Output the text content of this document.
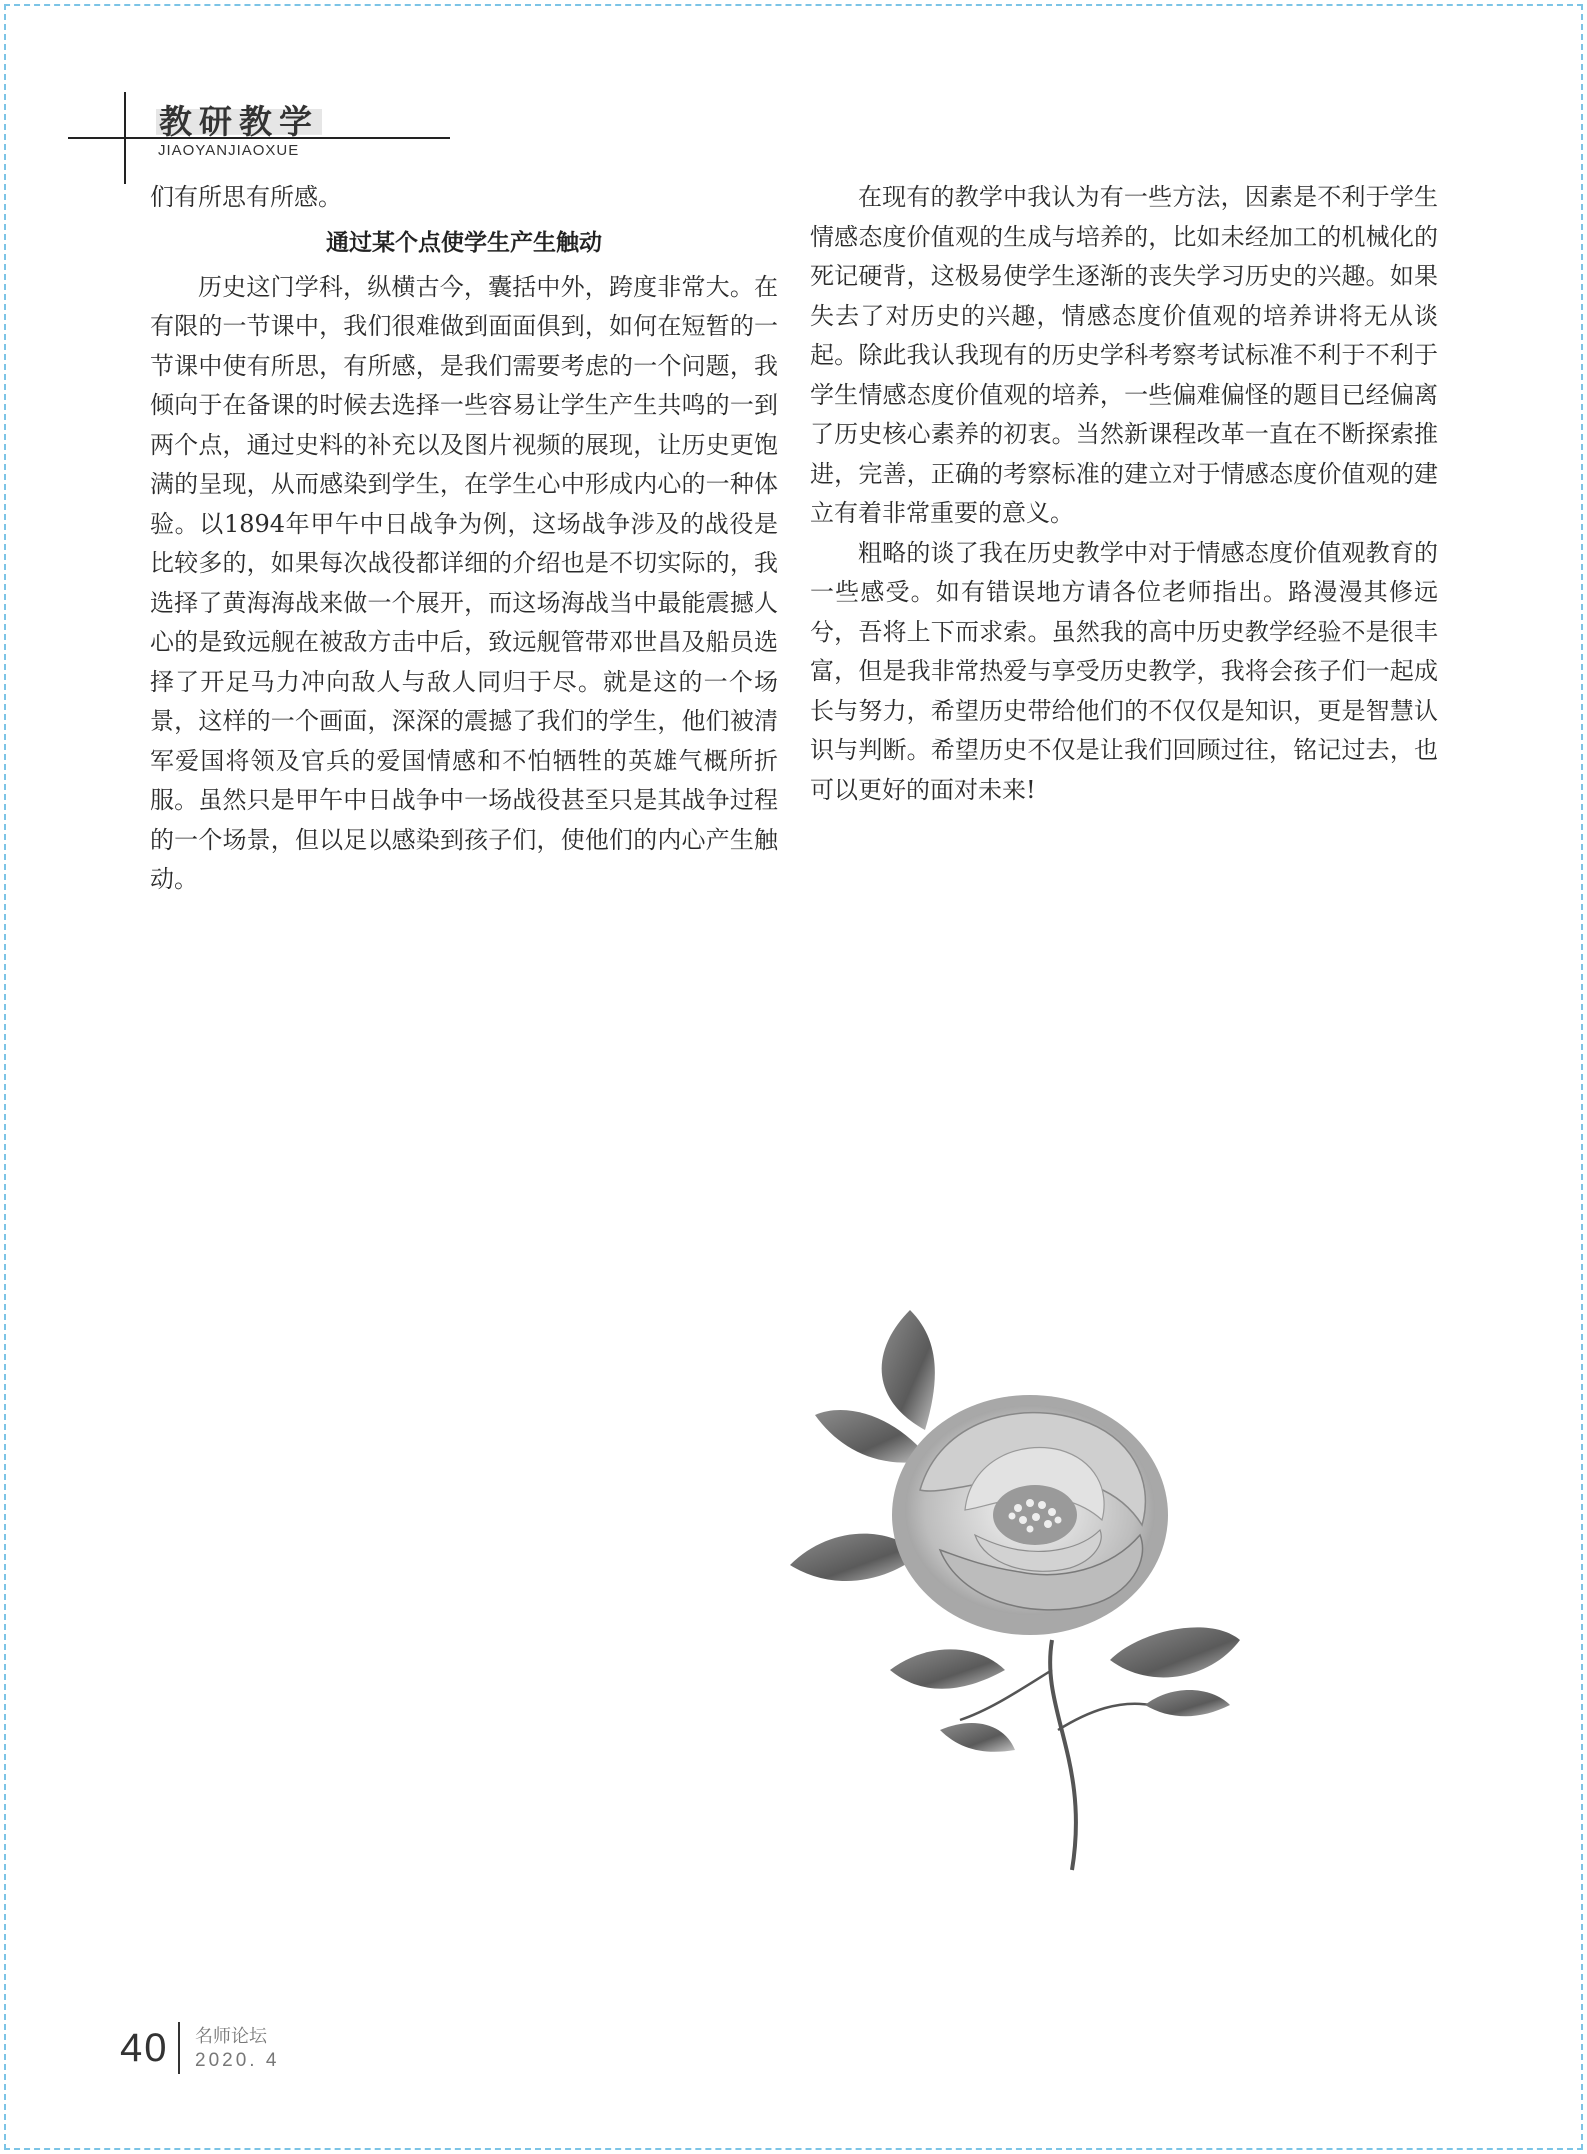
教研教学
JIAOYANJIAOXUE

们有所思有所感。

通过某个点使学生产生触动

历史这门学科，纵横古今，囊括中外，跨度非常大。在有限的一节课中，我们很难做到面面俱到，如何在短暂的一节课中使有所思，有所感，是我们需要考虑的一个问题，我倾向于在备课的时候去选择一些容易让学生产生共鸣的一到两个点，通过史料的补充以及图片视频的展现，让历史更饱满的呈现，从而感染到学生，在学生心中形成内心的一种体验。以1894年甲午中日战争为例，这场战争涉及的战役是比较多的，如果每次战役都详细的介绍也是不切实际的，我选择了黄海海战来做一个展开，而这场海战当中最能震撼人心的是致远舰在被敌方击中后，致远舰管带邓世昌及船员选择了开足马力冲向敌人与敌人同归于尽。就是这的一个场景，这样的一个画面，深深的震撼了我们的学生，他们被清军爱国将领及官兵的爱国情感和不怕牺牲的英雄气概所折服。虽然只是甲午中日战争中一场战役甚至只是其战争过程的一个场景，但以足以感染到孩子们，使他们的内心产生触动。

在现有的教学中我认为有一些方法，因素是不利于学生情感态度价值观的生成与培养的，比如未经加工的机械化的死记硬背，这极易使学生逐渐的丧失学习历史的兴趣。如果失去了对历史的兴趣，情感态度价值观的培养讲将无从谈起。除此我认我现有的历史学科考察考试标准不利于不利于学生情感态度价值观的培养，一些偏难偏怪的题目已经偏离了历史核心素养的初衷。当然新课程改革一直在不断探索推进，完善，正确的考察标准的建立对于情感态度价值观的建立有着非常重要的意义。

粗略的谈了我在历史教学中对于情感态度价值观教育的一些感受。如有错误地方请各位老师指出。路漫漫其修远兮，吾将上下而求索。虽然我的高中历史教学经验不是很丰富，但是我非常热爱与享受历史教学，我将会孩子们一起成长与努力，希望历史带给他们的不仅仅是知识，更是智慧认识与判断。希望历史不仅是让我们回顾过往，铭记过去，也可以更好的面对未来!

40 名师论坛
2020. 4
